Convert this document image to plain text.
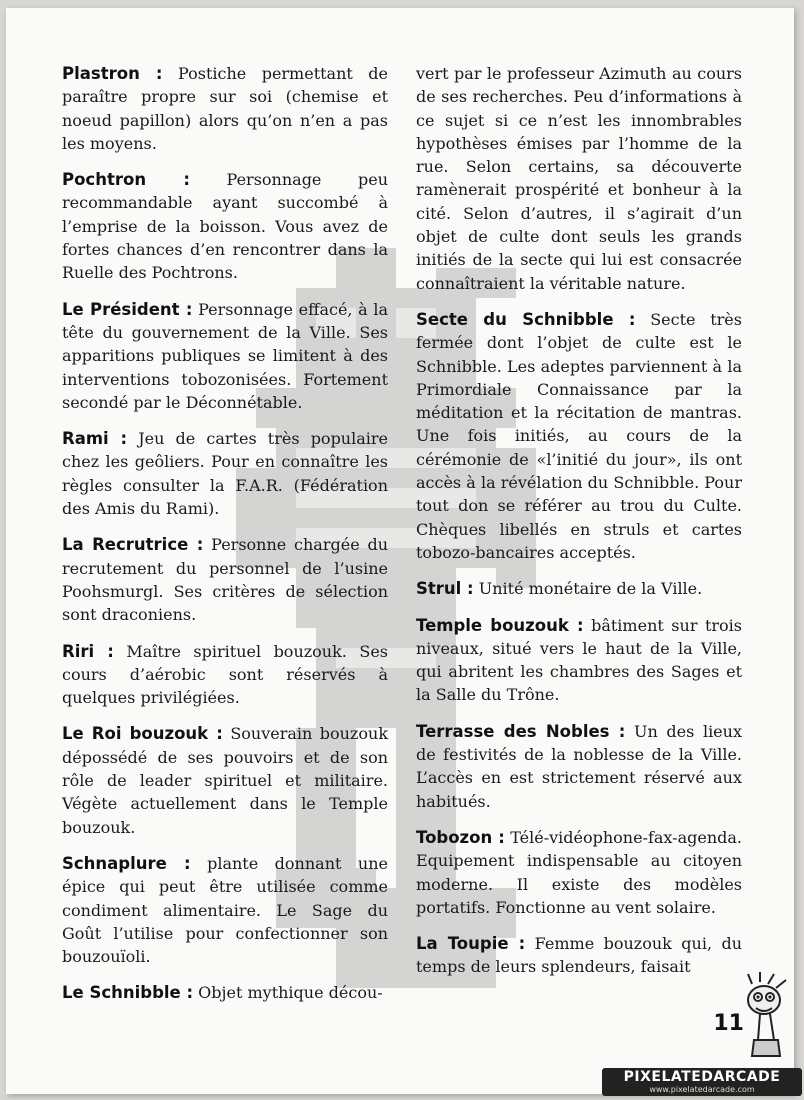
Plastron : Postiche permettant de paraître propre sur soi (chemise et noeud papillon) alors qu’on n’en a pas les moyens.

Pochtron : Personnage peu recommandable ayant succombé à l’emprise de la boisson. Vous avez de fortes chances d’en rencontrer dans la Ruelle des Pochtrons.

Le Président : Personnage effacé, à la tête du gouvernement de la Ville. Ses apparitions publiques se limitent à des interventions tobozonisées. Fortement secondé par le Déconnétable.

Rami : Jeu de cartes très populaire chez les geôliers. Pour en connaître les règles consulter la F.A.R. (Fédération des Amis du Rami).

La Recrutrice : Personne chargée du recrutement du personnel de l’usine Poohsmurgl. Ses critères de sélection sont draconiens.

Riri : Maître spirituel bouzouk. Ses cours d’aérobic sont réservés à quelques privilégiées.

Le Roi bouzouk : Souverain bouzouk dépossédé de ses pouvoirs et de son rôle de leader spirituel et militaire. Végète actuellement dans le Temple bouzouk.

Schnaplure : plante donnant une épice qui peut être utilisée comme condiment alimentaire. Le Sage du Goût l’utilise pour confectionner son bouzouïoli.

Le Schnibble : Objet mythique décou-

vert par le professeur Azimuth au cours de ses recherches. Peu d’informations à ce sujet si ce n’est les innombrables hypothèses émises par l’homme de la rue. Selon certains, sa découverte ramènerait prospérité et bonheur à la cité. Selon d’autres, il s’agirait d’un objet de culte dont seuls les grands initiés de la secte qui lui est consacrée connaîtraient la véritable nature.

Secte du Schnibble : Secte très fermée dont l’objet de culte est le Schnibble. Les adeptes parviennent à la Primordiale Connaissance par la méditation et la récitation de mantras. Une fois initiés, au cours de la cérémonie de «l’initié du jour», ils ont accès à la révélation du Schnibble. Pour tout don se référer au trou du Culte. Chèques libellés en struls et cartes tobozo-bancaires acceptés.

Strul : Unité monétaire de la Ville.

Temple bouzouk : bâtiment sur trois niveaux, situé vers le haut de la Ville, qui abritent les chambres des Sages et la Salle du Trône.

Terrasse des Nobles : Un des lieux de festivités de la noblesse de la Ville. L’accès en est strictement réservé aux habitués.

Tobozon : Télé-vidéophone-fax-agenda. Equipement indispensable au citoyen moderne. Il existe des modèles portatifs. Fonctionne au vent solaire.

La Toupie : Femme bouzouk qui, du temps de leurs splendeurs, faisait

11
PIXELATEDARCADE
www.pixelatedarcade.com
